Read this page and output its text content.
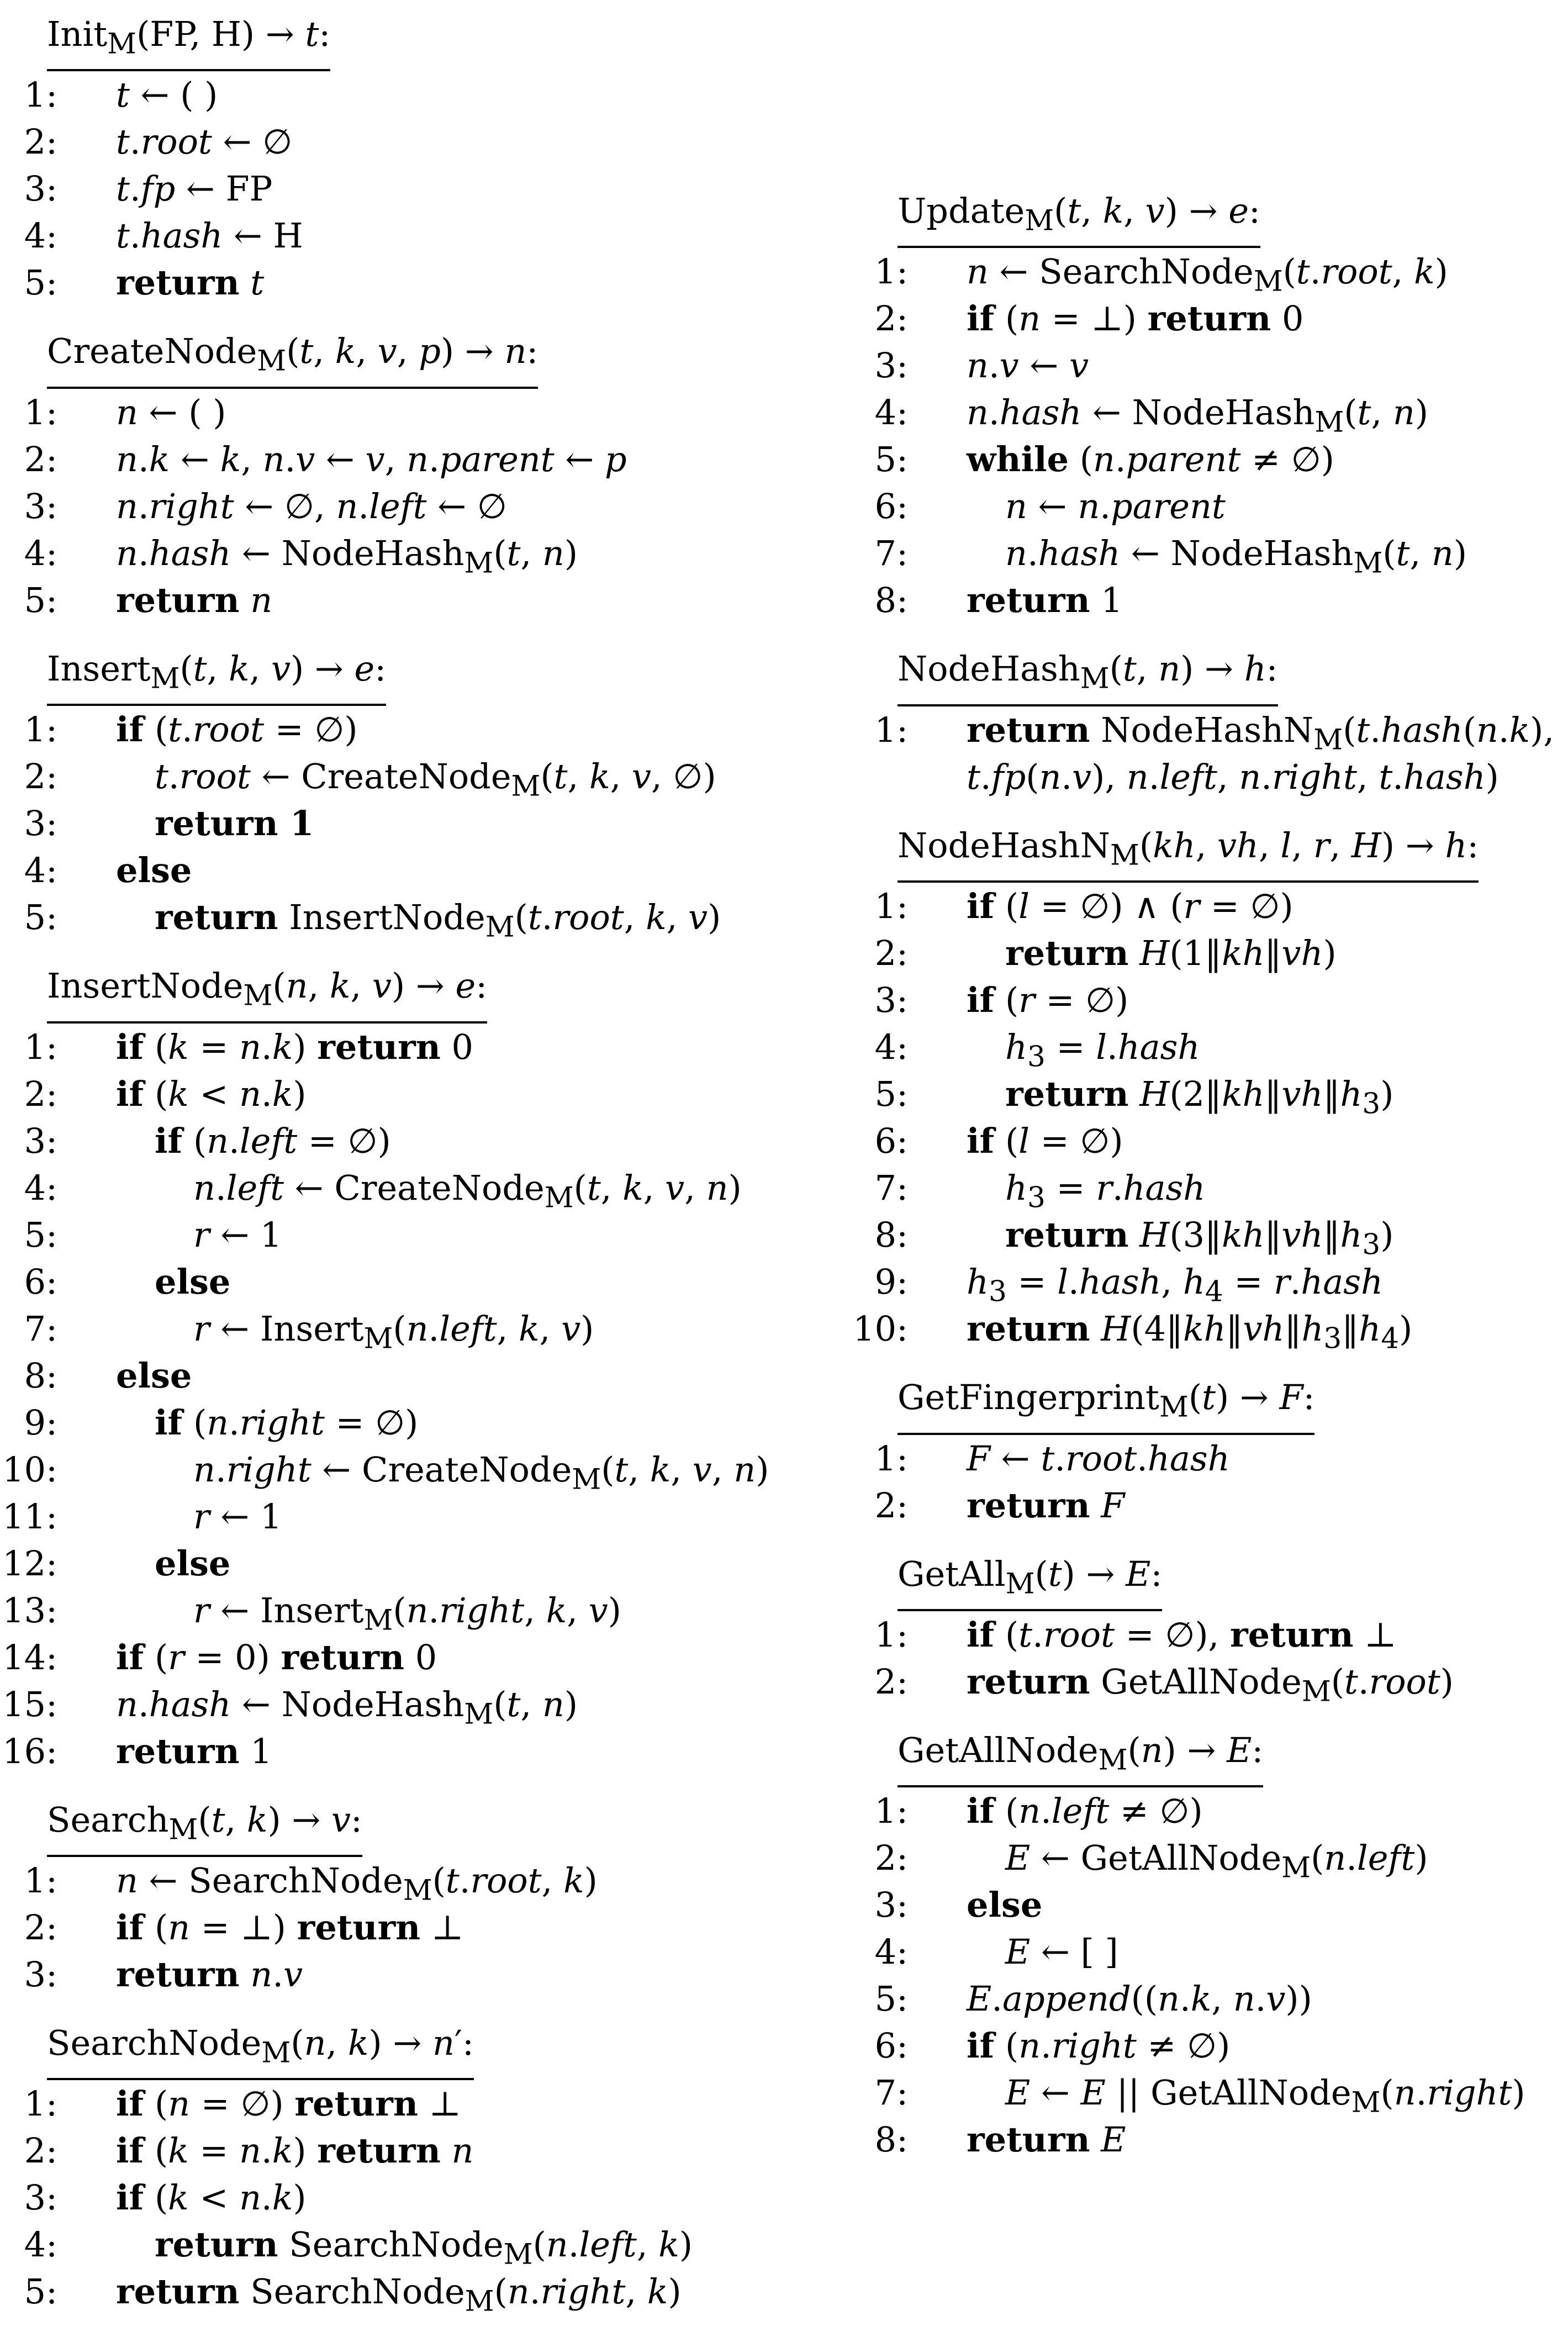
Init$_M$(FP, H) → t:
1: t ← ( )
2: t.root ← ∅
3: t.fp ← FP
4: t.hash ← H
5: return t
CreateNode$_M$(t, k, v, p) → n:
1: n ← ( )
2: n.k ← k, n.v ← v, n.parent ← p
3: n.right ← ∅, n.left ← ∅
4: n.hash ← NodeHash$_M$(t, n)
5: return n
Insert$_M$(t, k, v) → e:
1: if (t.root = ∅)
2:	t.root ← CreateNode$_M$(t, k, v, ∅)
3:	return 1
4: else
5:	return InsertNode$_M$(t.root, k, v)
InsertNode$_M$(n, k, v) → e:
1: if (k = n.k) return 0
2: if (k < n.k)
3:	if (n.left = ∅)
4:	n.left ← CreateNode$_M$(t, k, v, n)
5:	r ← 1
6:	else
7:	r ← Insert$_M$(n.left, k, v)
8: else
9:	if (n.right = ∅)
10:	n.right ← CreateNode$_M$(t, k, v, n)
11:	r ← 1
12:	else
13:	r ← Insert$_M$(n.right, k, v)
14: if (r = 0) return 0
15: n.hash ← NodeHash$_M$(t, n)
16: return 1
Search$_M$(t, k) → v:
1: n ← SearchNode$_M$(t.root, k)
2: if (n = ⊥) return ⊥
3: return n.v
SearchNode$_M$(n, k) → n′:
1: if (n = ∅) return ⊥
2: if (k = n.k) return n
3: if (k < n.k)
4:	return SearchNode$_M$(n.left, k)
5: return SearchNode$_M$(n.right, k)
Update$_M$(t, k, v) → e:
1: n ← SearchNode$_M$(t.root, k)
2: if (n = ⊥) return 0
3: n.v ← v
4: n.hash ← NodeHash$_M$(t, n)
5: while (n.parent ≠ ∅)
6:	n ← n.parent
7:	n.hash ← NodeHash$_M$(t, n)
8: return 1
NodeHash$_M$(t, n) → h:
1: return NodeHashN$_M$(t.hash(n.k),
t.fp(n.v), n.left, n.right, t.hash)
NodeHashN$_M$(kh, vh, l, r, H) → h:
1: if (l = ∅) ∧ (r = ∅)
2:	return H(1‖kh‖vh)
3: if (r = ∅)
4:	$h_3$ = l.hash
5:	return $H(2‖kh‖vh‖h_3)$
6: if (l = ∅)
7:	$h_3$ = r.hash
8:	return $H(3‖kh‖vh‖h_3)$
9: $h_3$ = l.hash, $h_4$ = r.hash
10: return $H(4‖kh‖vh‖h_3‖h_4)$
GetFingerprint$_M$(t) → F:
1: F ← t.root.hash
2: return F
GetAll$_M$(t) → E:
1: if (t.root = ∅), return ⊥
2: return GetAllNode$_M$(t.root)
GetAllNode$_M$(n) → E:
1: if (n.left ≠ ∅)
2:	E ← GetAllNode$_M$(n.left)
3: else
4:	E ← [ ]
5: E.append((n.k, n.v))
6: if (n.right ≠ ∅)
7:	E ← E || GetAllNode$_M$(n.right)
8: return E
